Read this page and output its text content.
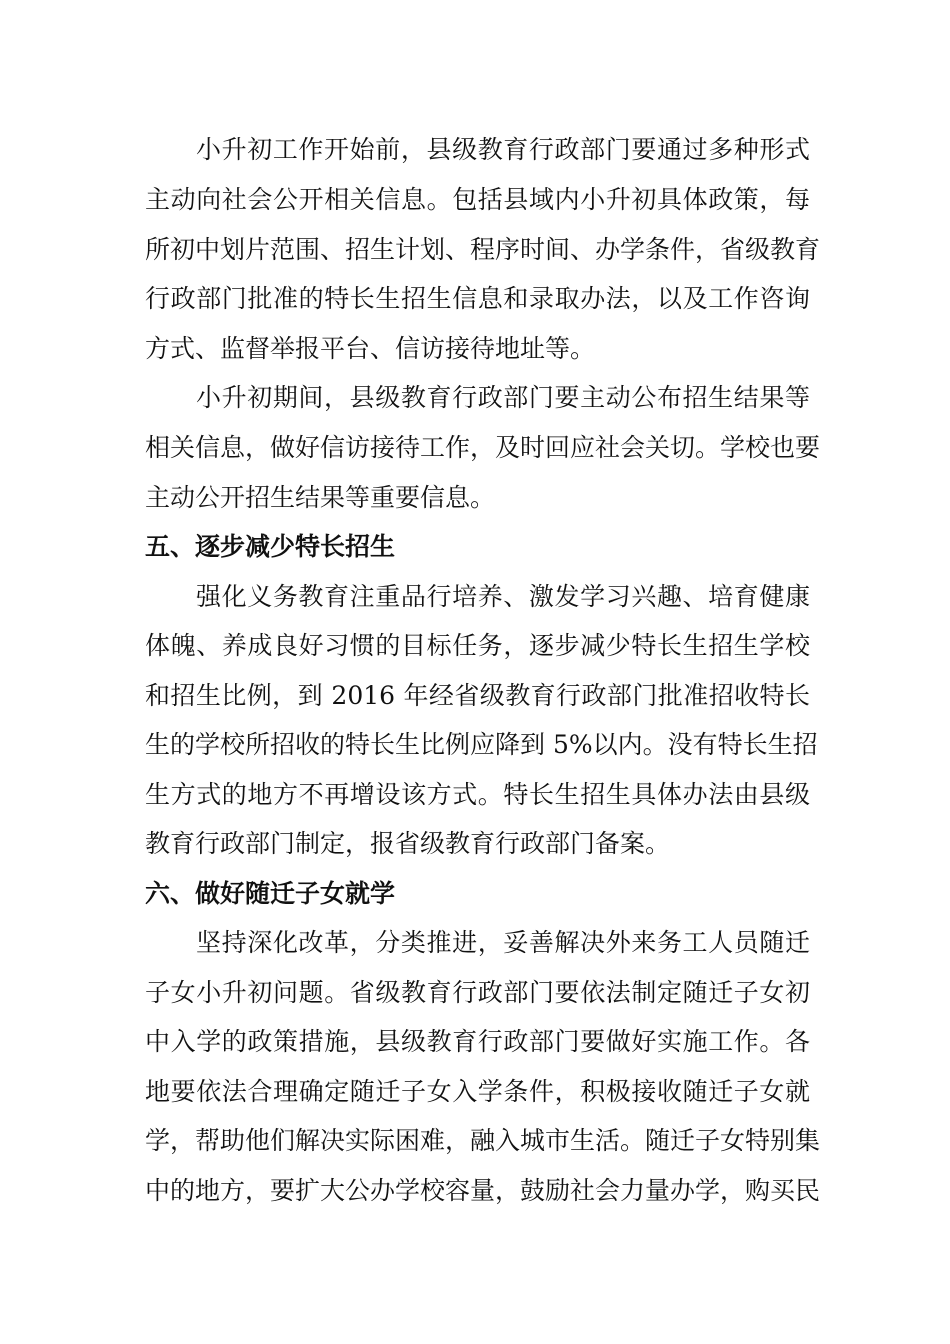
小升初工作开始前，县级教育行政部门要通过多种形式
主动向社会公开相关信息。包括县域内小升初具体政策，每
所初中划片范围、招生计划、程序时间、办学条件，省级教育
行政部门批准的特长生招生信息和录取办法，以及工作咨询
方式、监督举报平台、信访接待地址等。
小升初期间，县级教育行政部门要主动公布招生结果等
相关信息，做好信访接待工作，及时回应社会关切。学校也要
主动公开招生结果等重要信息。
五、逐步减少特长招生
强化义务教育注重品行培养、激发学习兴趣、培育健康
体魄、养成良好习惯的目标任务，逐步减少特长生招生学校
和招生比例，到 2016 年经省级教育行政部门批准招收特长
生的学校所招收的特长生比例应降到 5%以内。没有特长生招
生方式的地方不再增设该方式。特长生招生具体办法由县级
教育行政部门制定，报省级教育行政部门备案。
六、做好随迁子女就学
坚持深化改革，分类推进，妥善解决外来务工人员随迁
子女小升初问题。省级教育行政部门要依法制定随迁子女初
中入学的政策措施，县级教育行政部门要做好实施工作。各
地要依法合理确定随迁子女入学条件，积极接收随迁子女就
学，帮助他们解决实际困难，融入城市生活。随迁子女特别集
中的地方，要扩大公办学校容量，鼓励社会力量办学，购买民
